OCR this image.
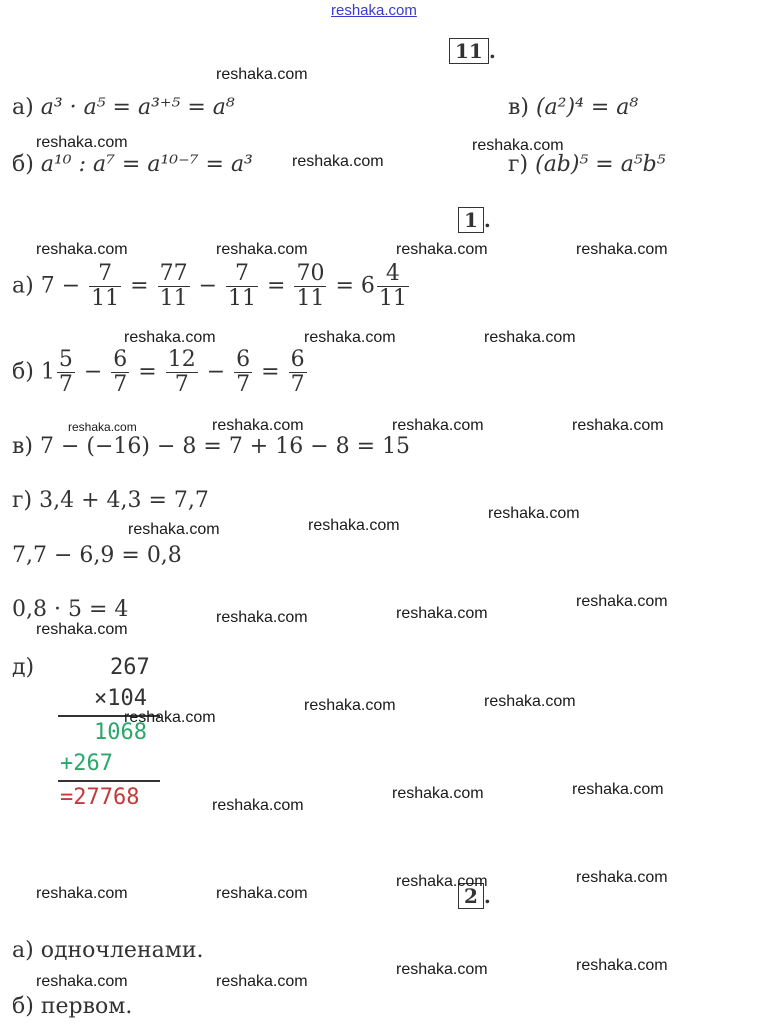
reshaka.com
11 .
а) a³ · a⁵ = a³⁺⁵ = a⁸
б) a¹⁰ : a⁷ = a¹⁰⁻⁷ = a³
в) (a²)⁴ = a⁸
г) (ab)⁵ = a⁵b⁵
1 .
а) $7 - \frac{7}{11} = \frac{77}{11} - \frac{7}{11} = \frac{70}{11} = 6 \frac{4}{11}$
б) $1 \frac{5}{7} - \frac{6}{7} = \frac{12}{7} - \frac{6}{7} = \frac{6}{7}$
в) 7 − (−16) − 8 = 7 + 16 − 8 = 15
г) 3,4 + 4,3 = 7,7
7,7 − 6,9 = 0,8
0,8 · 5 = 4
д)	267
×104
1068
+267
=27768
2 .
а) одночленами.
б) первом.
reshaka.com
reshaka.com	reshaka.com
reshaka.com
reshaka.com	reshaka.com	reshaka.com	reshaka.com
reshaka.com	reshaka.com	reshaka.com
reshaka.com	reshaka.com	reshaka.com	reshaka.com
reshaka.com
reshaka.com
reshaka.com
reshaka.com
reshaka.com
reshaka.com
reshaka.com
reshaka.com
reshaka.com
reshaka.com
reshaka.com
reshaka.com
reshaka.com
reshaka.com
reshaka.com
reshaka.com	reshaka.com
reshaka.com
reshaka.com
reshaka.com	reshaka.com
